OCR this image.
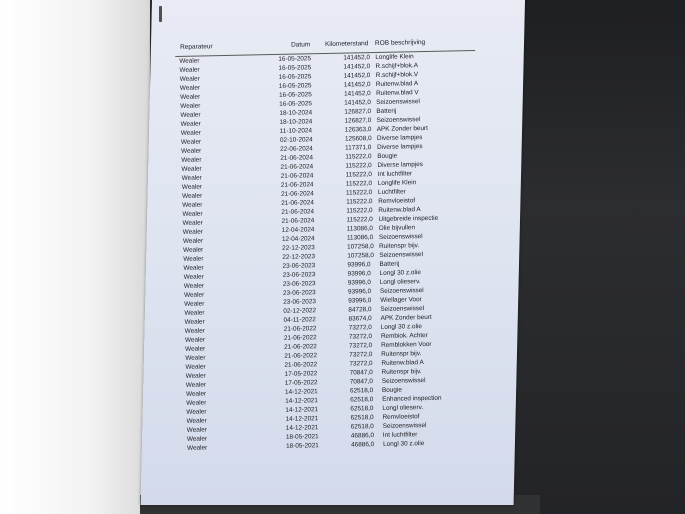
Reparateur	Datum Kilometerstand ROB beschrijving
Wealer	16-05-2025	141452,0 Longlife Klein
Wealer	16-05-2025	141452,0 R.schijf+blok.A
Wealer	16-05-2025	141452,0 R.schijf+blok.V
Wealer	16-05-2025	141452,0 Ruitenw.blad A
Wealer	16-05-2025	141452,0 Ruitenw.blad V
Wealer	16-05-2025	141452,0 Seizoenswissel
Wealer	18-10-2024	126827,0 Batterij
Wealer	18-10-2024	126827,0 Seizoenswissel
Wealer	11-10-2024	126363,0 APK Zonder beurt
Wealer	02-10-2024	125608,0 Diverse lampjes
Wealer	22-06-2024	117371,0 Diverse lampjes
Wealer	21-06-2024	115222,0 Bougie
Wealer	21-06-2024	115222,0 Diverse lampjes
Wealer	21-06-2024	115222,0 Int luchtfilter
Wealer	21-06-2024	115222,0 Longlife Klein
Wealer	21-06-2024	115222,0 Luchtfilter
Wealer	21-06-2024	115222,0 Remvloeistof
Wealer	21-06-2024	115222,0 Ruitenw.blad A
Wealer	21-06-2024	115222,0 Uitgebreide inspectie
Wealer	12-04-2024	113086,0 Olie bijvullen
Wealer	12-04-2024	113086,0 Seizoenswissel
Wealer	22-12-2023	107258,0 Ruitenspr bijv.
Wealer	22-12-2023	107258,0 Seizoenswissel
Wealer	23-06-2023	93996,0 Batterij
Wealer	23-06-2023	93996,0 Longl 30 z.olie
Wealer	23-06-2023	93996,0 Longl olieserv.
Wealer	23-06-2023	93996,0 Seizoenswissel
Wealer	23-06-2023	93996,0 Wiellager Voor
Wealer	02-12-2022	84728,0 Seizoenswissel
Wealer	04-11-2022	83674,0 APK Zonder beurt
Wealer	21-06-2022	73272,0 Longl 30 z.olie
Wealer	21-06-2022	73272,0 Rembiok. Achter
Wealer	21-06-2022	73272,0 Remblokken Voor
Wealer	21-06-2022	73272,0 Ruitenspr bijv.
Wealer	21-06-2022	73272,0 Ruitenw.blad A
Wealer	17-05-2022	70847,0 Ruitenspr bijv.
Wealer	17-05-2022	70847,0 Seizoenswissel
Wealer	14-12-2021	62518,0 Bougie
Wealer	14-12-2021	62518,0 Enhanced inspection
Wealer	14-12-2021	62518,0 Longl olieserv.
Wealer	14-12-2021	62518,0 Remvloeistof
Wealer	14-12-2021	62518,0 Seizoenswissel
Wealer	18-05-2021	46886,0 Int luchtfilter
Wealer	18-05-2021	46886,0 Longl 30 z.olie
